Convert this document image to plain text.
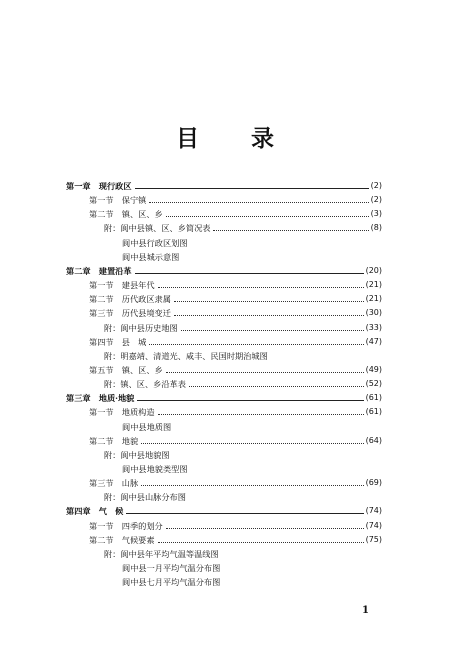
目 录
第一章　现行政区	(2)
第一节　保宁镇	(2)
第二节　镇、区、乡	(3)
附：阆中县镇、区、乡简况表	(8)
阆中县行政区划图
阆中县城示意图
第二章　建置沿革	(20)
第一节　建县年代	(21)
第二节　历代政区隶属	(21)
第三节　历代县境变迁	(30)
附：阆中县历史地图	(33)
第四节　县　城	(47)
附：明嘉靖、清道光、咸丰、民国时期治城图
第五节　镇、区、乡	(49)
附：镇、区、乡沿革表	(52)
第三章　地质·地貌	(61)
第一节　地质构造	(61)
阆中县地质图
第二节　地貌	(64)
附：阆中县地貌图
阆中县地貌类型图
第三节　山脉	(69)
附：阆中县山脉分布图
第四章　气　候	(74)
第一节　四季的划分	(74)
第二节　气候要素	(75)
附：阆中县年平均气温等温线图
阆中县一月平均气温分布图
阆中县七月平均气温分布图
1
